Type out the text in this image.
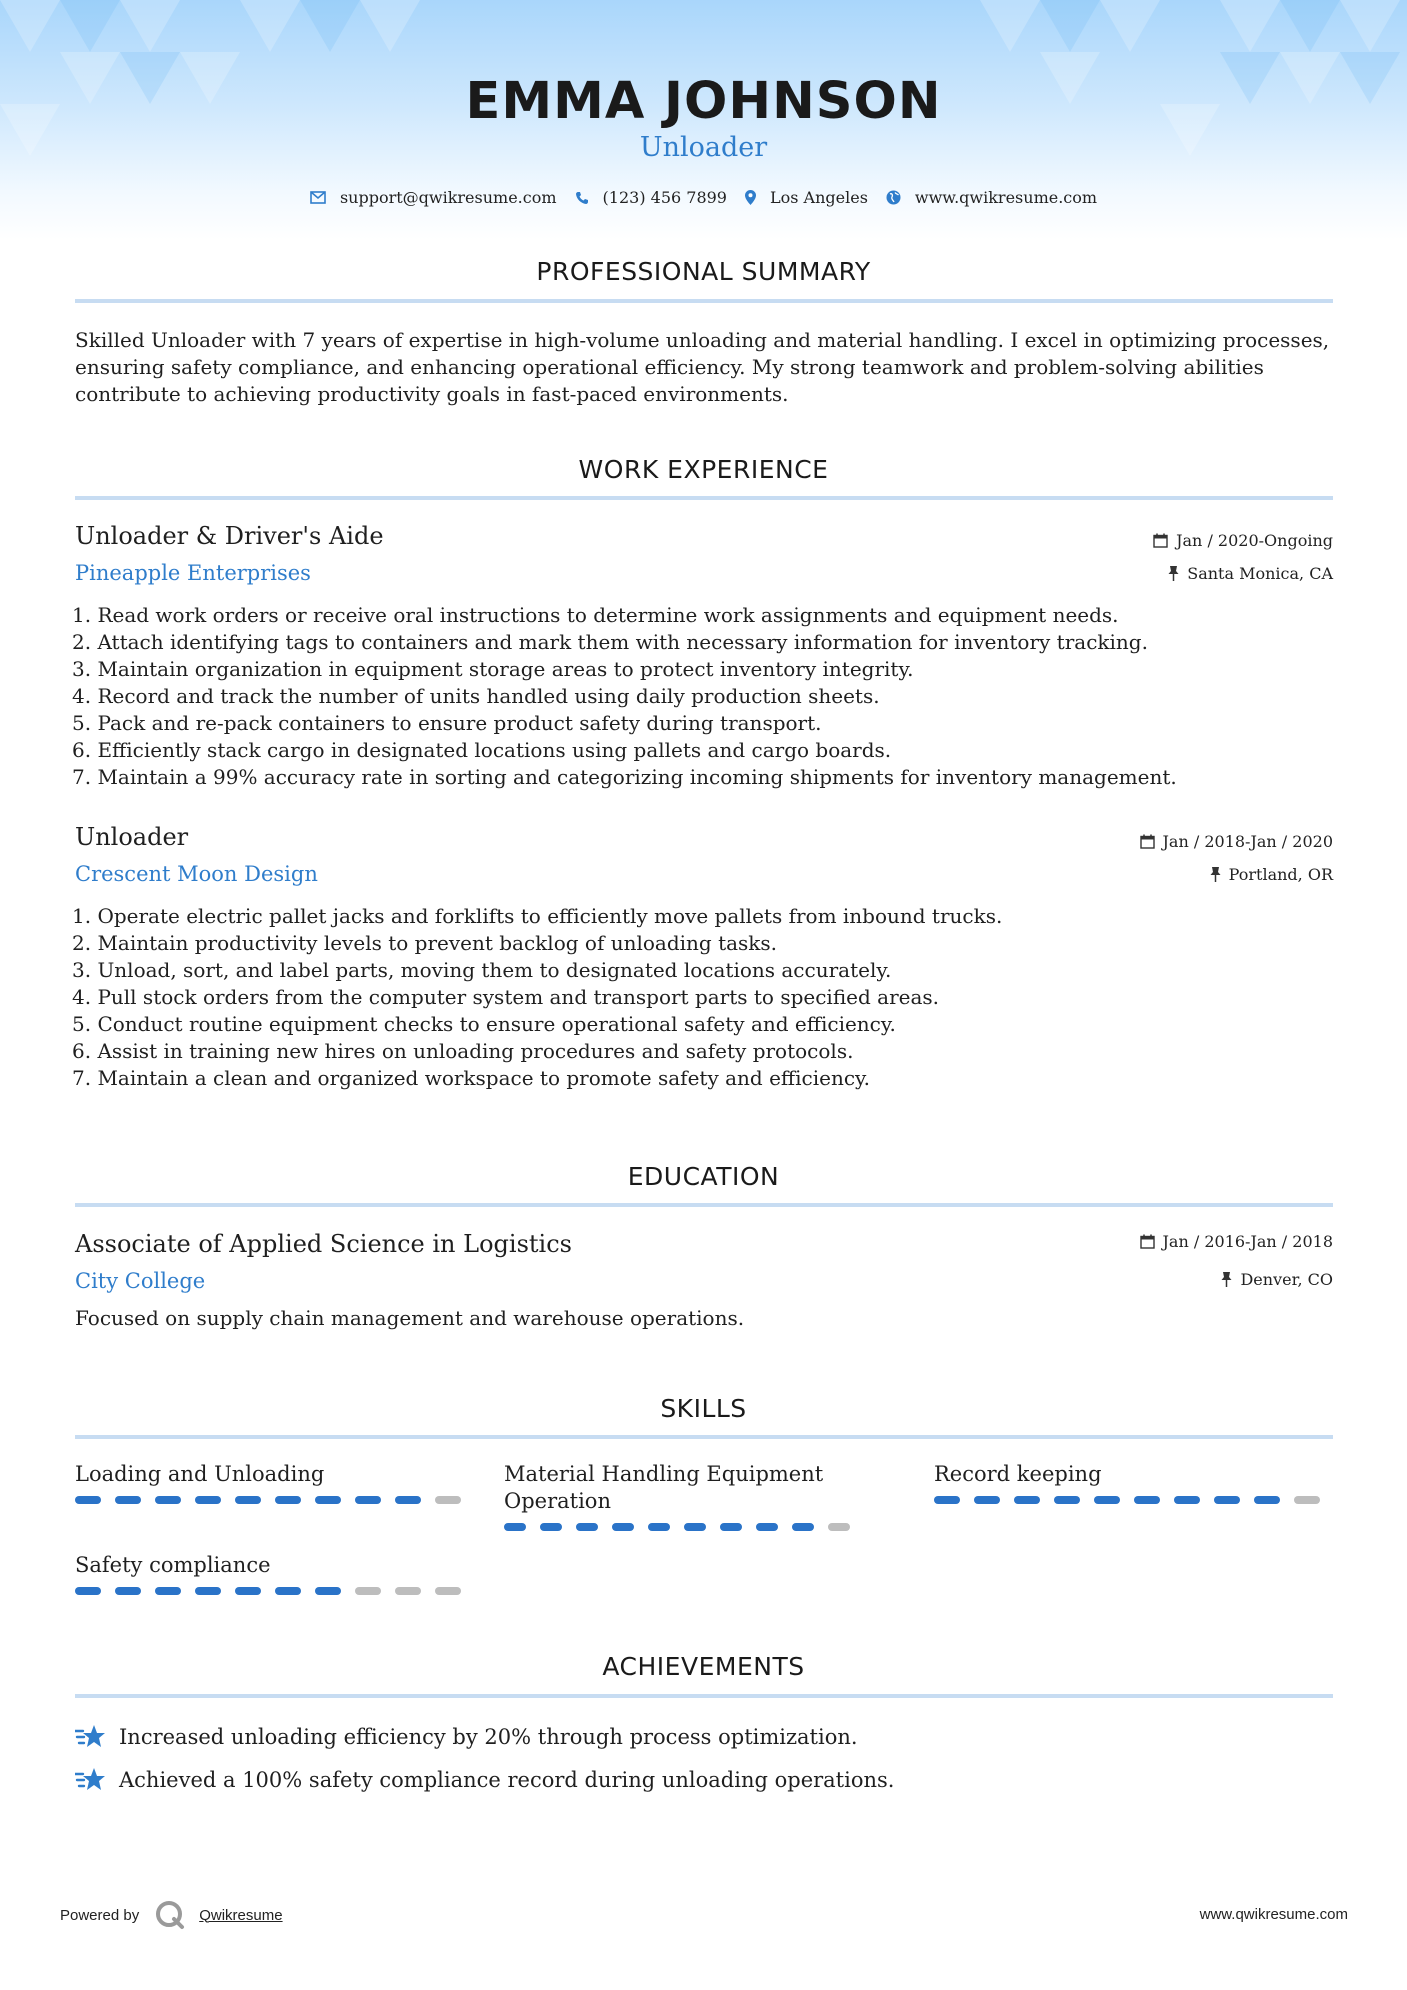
EMMA JOHNSON
Unloader
support@qwikresume.com	(123) 456 7899	Los Angeles	www.qwikresume.com
PROFESSIONAL SUMMARY
Skilled Unloader with 7 years of expertise in high-volume unloading and material handling. I excel in optimizing processes,
ensuring safety compliance, and enhancing operational efficiency. My strong teamwork and problem-solving abilities
contribute to achieving productivity goals in fast-paced environments.
WORK EXPERIENCE
Unloader & Driver's Aide
Pineapple Enterprises
Jan / 2020-Ongoing
Santa Monica, CA
1. Read work orders or receive oral instructions to determine work assignments and equipment needs.
2. Attach identifying tags to containers and mark them with necessary information for inventory tracking.
3. Maintain organization in equipment storage areas to protect inventory integrity.
4. Record and track the number of units handled using daily production sheets.
5. Pack and re-pack containers to ensure product safety during transport.
6. Efficiently stack cargo in designated locations using pallets and cargo boards.
7. Maintain a 99% accuracy rate in sorting and categorizing incoming shipments for inventory management.
Unloader
Crescent Moon Design
Jan / 2018-Jan / 2020
Portland, OR
1. Operate electric pallet jacks and forklifts to efficiently move pallets from inbound trucks.
2. Maintain productivity levels to prevent backlog of unloading tasks.
3. Unload, sort, and label parts, moving them to designated locations accurately.
4. Pull stock orders from the computer system and transport parts to specified areas.
5. Conduct routine equipment checks to ensure operational safety and efficiency.
6. Assist in training new hires on unloading procedures and safety protocols.
7. Maintain a clean and organized workspace to promote safety and efficiency.
EDUCATION
Associate of Applied Science in Logistics
City College
Jan / 2016-Jan / 2018
Denver, CO
Focused on supply chain management and warehouse operations.
SKILLS
Loading and Unloading	Material Handling Equipment Operation
Record keeping
Safety compliance
ACHIEVEMENTS
Increased unloading efficiency by 20% through process optimization.
Achieved a 100% safety compliance record during unloading operations.
Powered by	Qwikresume	www.qwikresume.com
